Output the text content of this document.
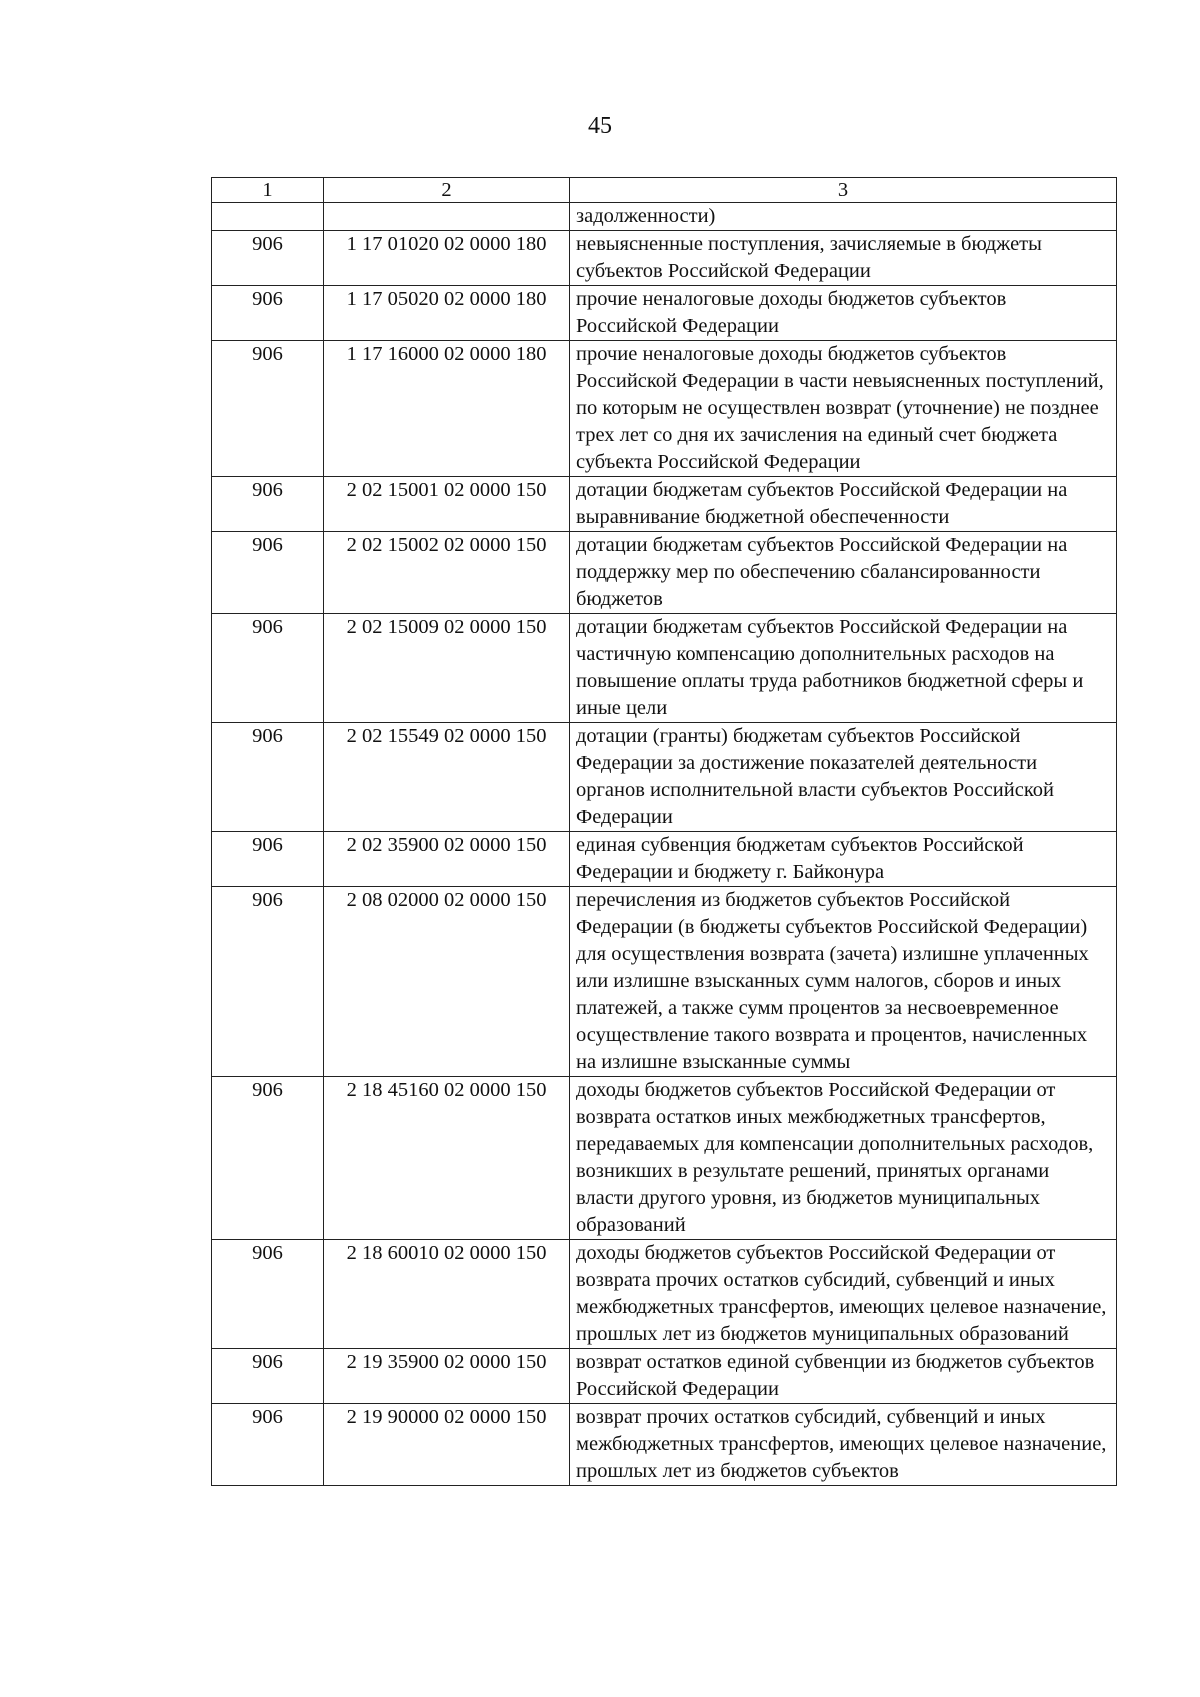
45
1	2	3
		задолженности)
906	1 17 01020 02 0000 180	невыясненные поступления, зачисляемые в бюджеты субъектов Российской Федерации
906	1 17 05020 02 0000 180	прочие неналоговые доходы бюджетов субъектов Российской Федерации
906	1 17 16000 02 0000 180	прочие неналоговые доходы бюджетов субъектов Российской Федерации в части невыясненных поступлений, по которым не осуществлен возврат (уточнение) не позднее трех лет со дня их зачисления на единый счет бюджета субъекта Российской Федерации
906	2 02 15001 02 0000 150	дотации бюджетам субъектов Российской Федерации на выравнивание бюджетной обеспеченности
906	2 02 15002 02 0000 150	дотации бюджетам субъектов Российской Федерации на поддержку мер по обеспечению сбалансированности бюджетов
906	2 02 15009 02 0000 150	дотации бюджетам субъектов Российской Федерации на частичную компенсацию дополнительных расходов на повышение оплаты труда работников бюджетной сферы и иные цели
906	2 02 15549 02 0000 150	дотации (гранты) бюджетам субъектов Российской Федерации за достижение показателей деятельности органов исполнительной власти субъектов Российской Федерации
906	2 02 35900 02 0000 150	единая субвенция бюджетам субъектов Российской Федерации и бюджету г. Байконура
906	2 08 02000 02 0000 150	перечисления из бюджетов субъектов Российской Федерации (в бюджеты субъектов Российской Федерации) для осуществления возврата (зачета) излишне уплаченных или излишне взысканных сумм налогов, сборов и иных платежей, а также сумм процентов за несвоевременное осуществление такого возврата и процентов, начисленных на излишне взысканные суммы
906	2 18 45160 02 0000 150	доходы бюджетов субъектов Российской Федерации от возврата остатков иных межбюджетных трансфертов, передаваемых для компенсации дополнительных расходов, возникших в результате решений, принятых органами власти другого уровня, из бюджетов муниципальных образований
906	2 18 60010 02 0000 150	доходы бюджетов субъектов Российской Федерации от возврата прочих остатков субсидий, субвенций и иных межбюджетных трансфертов, имеющих целевое назначение, прошлых лет из бюджетов муниципальных образований
906	2 19 35900 02 0000 150	возврат остатков единой субвенции из бюджетов субъектов Российской Федерации
906	2 19 90000 02 0000 150	возврат прочих остатков субсидий, субвенций и иных межбюджетных трансфертов, имеющих целевое назначение, прошлых лет из бюджетов субъектов
